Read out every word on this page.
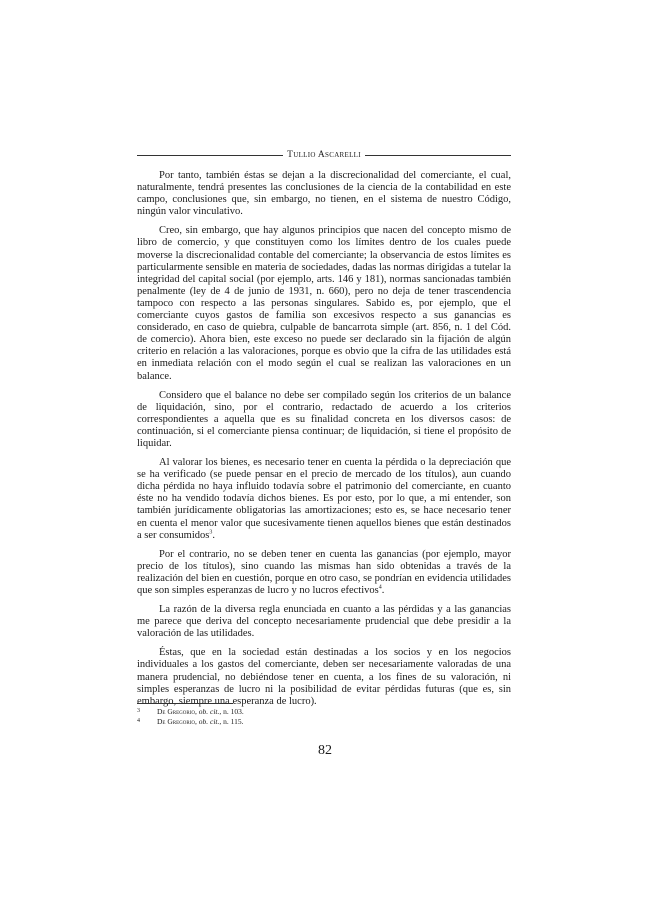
Tullio Ascarelli

Por tanto, también éstas se dejan a la discrecionalidad del comerciante, el cual, naturalmente, tendrá presentes las conclusiones de la ciencia de la contabilidad en este campo, conclusiones que, sin embargo, no tienen, en el sistema de nuestro Código, ningún valor vinculativo.

Creo, sin embargo, que hay algunos principios que nacen del concepto mismo de libro de comercio, y que constituyen como los límites dentro de los cuales puede moverse la discrecionalidad contable del comerciante; la observancia de estos límites es particularmente sensible en materia de sociedades, dadas las normas dirigidas a tutelar la integridad del capital social (por ejemplo, arts. 146 y 181), normas sancionadas también penalmente (ley de 4 de junio de 1931, n. 660), pero no deja de tener trascendencia tampoco con respecto a las personas singulares. Sabido es, por ejemplo, que el comerciante cuyos gastos de familia son excesivos respecto a sus ganancias es considerado, en caso de quiebra, culpable de bancarrota simple (art. 856, n. 1 del Cód. de comercio). Ahora bien, este exceso no puede ser declarado sin la fijación de algún criterio en relación a las valoraciones, porque es obvio que la cifra de las utilidades está en inmediata relación con el modo según el cual se realizan las valoraciones en un balance.

Considero que el balance no debe ser compilado según los criterios de un balance de liquidación, sino, por el contrario, redactado de acuerdo a los criterios correspondientes a aquella que es su finalidad concreta en los diversos casos: de continuación, si el comerciante piensa continuar; de liquidación, si tiene el propósito de liquidar.

Al valorar los bienes, es necesario tener en cuenta la pérdida o la depreciación que se ha verificado (se puede pensar en el precio de mercado de los títulos), aun cuando dicha pérdida no haya influido todavía sobre el patrimonio del comerciante, en cuanto éste no ha vendido todavía dichos bienes. Es por esto, por lo que, a mi entender, son también jurídicamente obligatorias las amortizaciones; esto es, se hace necesario tener en cuenta el menor valor que sucesivamente tienen aquellos bienes que están destinados a ser consumidos$^3$.

Por el contrario, no se deben tener en cuenta las ganancias (por ejemplo, mayor precio de los títulos), sino cuando las mismas han sido obtenidas a través de la realización del bien en cuestión, porque en otro caso, se pondrían en evidencia utilidades que son simples esperanzas de lucro y no lucros efectivos$^4$.

La razón de la diversa regla enunciada en cuanto a las pérdidas y a las ganancias me parece que deriva del concepto necesariamente prudencial que debe presidir a la valoración de las utilidades.

Éstas, que en la sociedad están destinadas a los socios y en los negocios individuales a los gastos del comerciante, deben ser necesariamente valoradas de una manera prudencial, no debiéndose tener en cuenta, a los fines de su valoración, ni simples esperanzas de lucro ni la posibilidad de evitar pérdidas futuras (que es, sin embargo, siempre una esperanza de lucro).

3	De Gregorio, ob. cit., n. 103.
4	De Gregorio, ob. cit., n. 115.
82
